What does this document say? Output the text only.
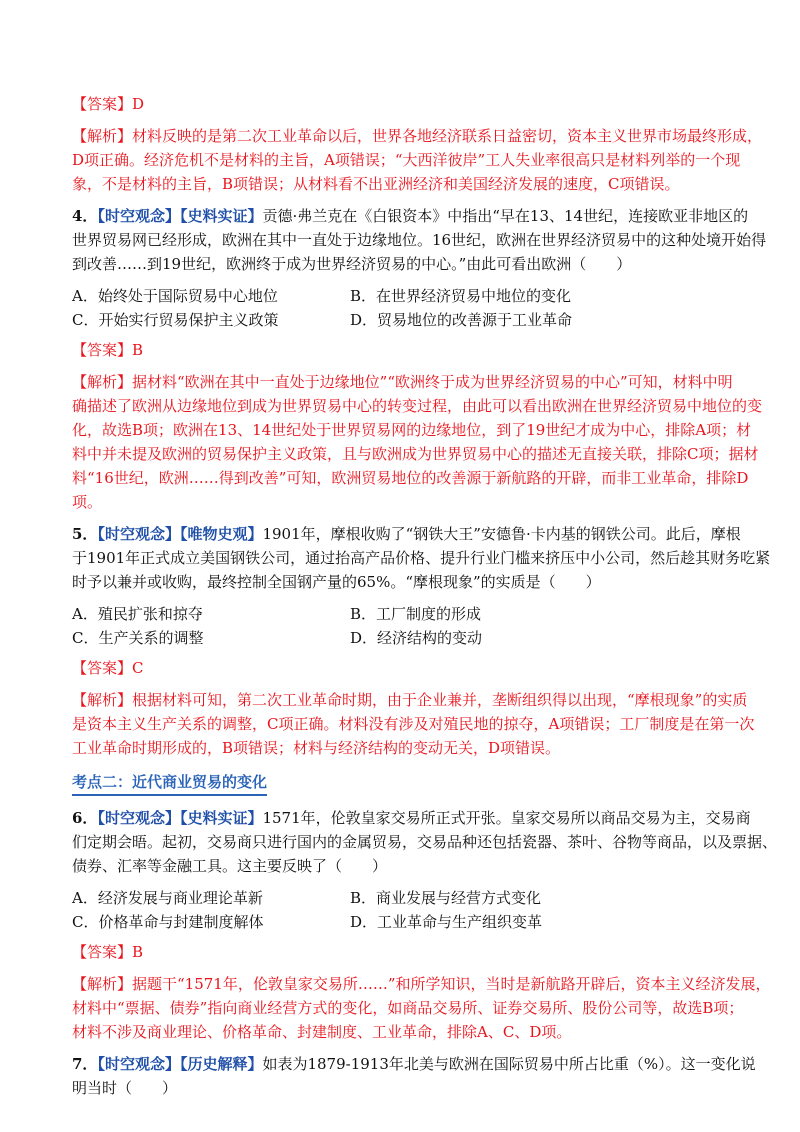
【答案】D
【解析】材料反映的是第二次工业革命以后，世界各地经济联系日益密切，资本主义世界市场最终形成，
D项正确。经济危机不是材料的主旨，A项错误；“大西洋彼岸”工人失业率很高只是材料列举的一个现
象，不是材料的主旨，B项错误；从材料看不出亚洲经济和美国经济发展的速度，C项错误。
4．【时空观念】【史料实证】贡德·弗兰克在《白银资本》中指出“早在13、14世纪，连接欧亚非地区的
世界贸易网已经形成，欧洲在其中一直处于边缘地位。16世纪，欧洲在世界经济贸易中的这种处境开始得
到改善……到19世纪，欧洲终于成为世界经济贸易的中心。”由此可看出欧洲（　　）
A．始终处于国际贸易中心地位	B．在世界经济贸易中地位的变化
C．开始实行贸易保护主义政策	D．贸易地位的改善源于工业革命
【答案】B
【解析】据材料“欧洲在其中一直处于边缘地位”“欧洲终于成为世界经济贸易的中心”可知，材料中明
确描述了欧洲从边缘地位到成为世界贸易中心的转变过程，由此可以看出欧洲在世界经济贸易中地位的变
化，故选B项；欧洲在13、14世纪处于世界贸易网的边缘地位，到了19世纪才成为中心，排除A项；材
料中并未提及欧洲的贸易保护主义政策，且与欧洲成为世界贸易中心的描述无直接关联，排除C项；据材
料“16世纪，欧洲……得到改善”可知，欧洲贸易地位的改善源于新航路的开辟，而非工业革命，排除D
项。
5．【时空观念】【唯物史观】1901年，摩根收购了“钢铁大王”安德鲁·卡内基的钢铁公司。此后，摩根
于1901年正式成立美国钢铁公司，通过抬高产品价格、提升行业门槛来挤压中小公司，然后趁其财务吃紧
时予以兼并或收购，最终控制全国钢产量的65%。“摩根现象”的实质是（　　）
A．殖民扩张和掠夺	B．工厂制度的形成
C．生产关系的调整	D．经济结构的变动
【答案】C
【解析】根据材料可知，第二次工业革命时期，由于企业兼并，垄断组织得以出现，“摩根现象”的实质
是资本主义生产关系的调整，C项正确。材料没有涉及对殖民地的掠夺，A项错误；工厂制度是在第一次
工业革命时期形成的，B项错误；材料与经济结构的变动无关，D项错误。
考点二：近代商业贸易的变化
6．【时空观念】【史料实证】1571年，伦敦皇家交易所正式开张。皇家交易所以商品交易为主，交易商
们定期会晤。起初，交易商只进行国内的金属贸易，交易品种还包括瓷器、茶叶、谷物等商品，以及票据、
债券、汇率等金融工具。这主要反映了（　　）
A．经济发展与商业理论革新	B．商业发展与经营方式变化
C．价格革命与封建制度解体	D．工业革命与生产组织变革
【答案】B
【解析】据题干“1571年，伦敦皇家交易所……”和所学知识，当时是新航路开辟后，资本主义经济发展，
材料中“票据、债券”指向商业经营方式的变化，如商品交易所、证券交易所、股份公司等，故选B项；
材料不涉及商业理论、价格革命、封建制度、工业革命，排除A、C、D项。
7．【时空观念】【历史解释】如表为1879-1913年北美与欧洲在国际贸易中所占比重（%）。这一变化说
明当时（　　）
